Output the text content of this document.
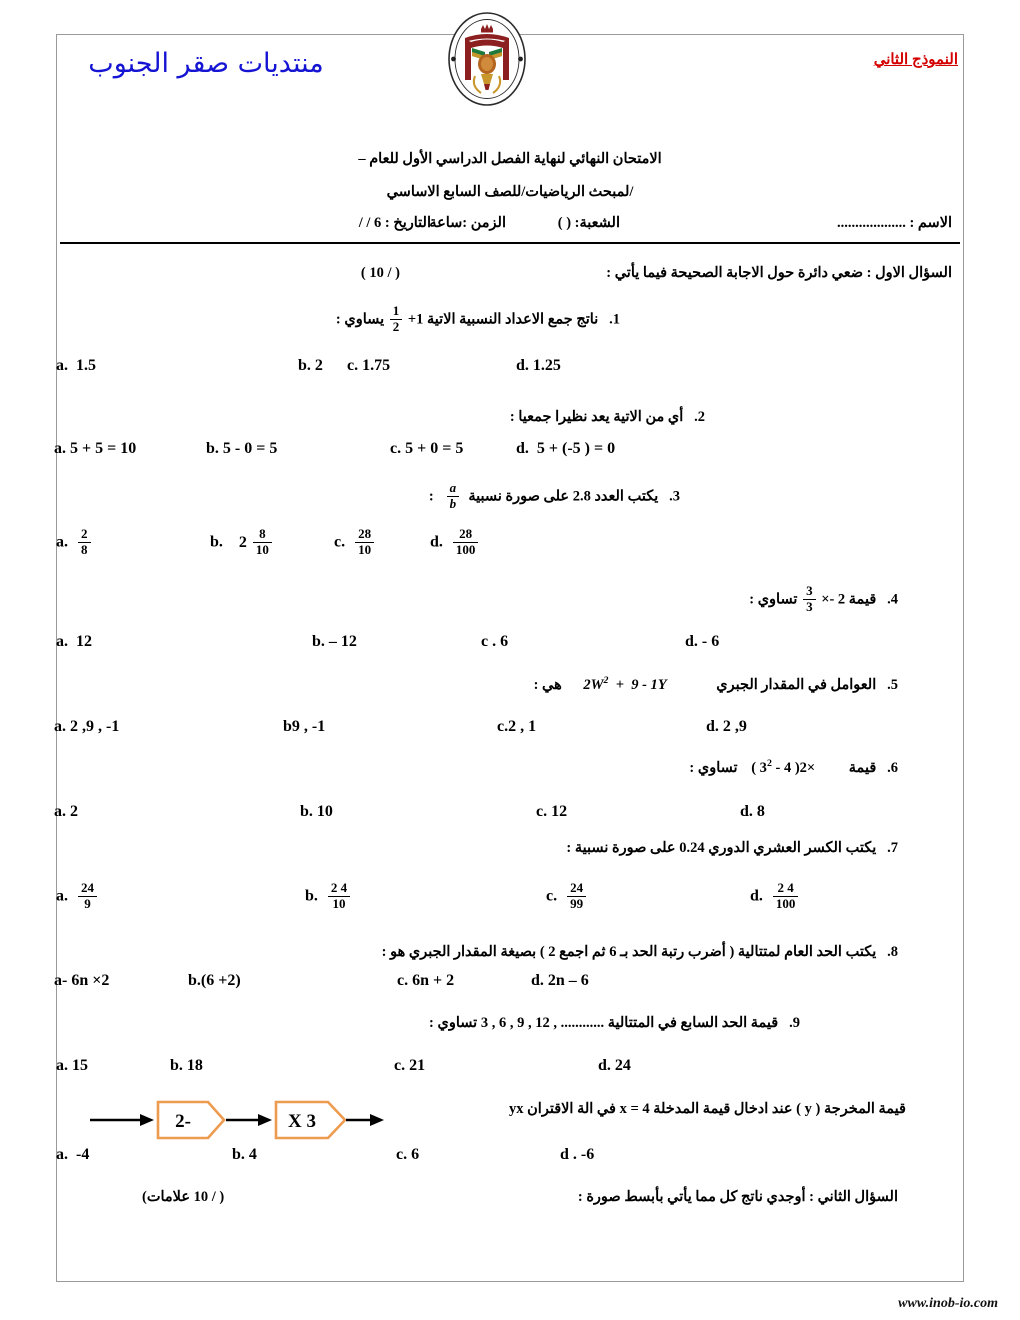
منتديات صقر الجنوب	النموذج الثاني
الامتحان النهائي لنهاية الفصل الدراسي الأول للعام –
/لمبحث الرياضيات/للصف السابع الاساسي
الاسم : ...................
الشعبة: ( )
الزمن :ساعة
التاريخ : 6 / /
السؤال الاول : ضعي دائرة حول الاجابة الصحيحة فيما يأتي :
( / 10 )
1.   ناتج جمع الاعداد النسبية الاتية 1+
$\frac{1}{2}$
يساوي :
a. 1.5	b. 2 c. 1.75	d. 1.25
2.   أي من الاتية يعد نظيرا جمعيا :
a. 5 + 5 = 10	b. 5 - 0 = 5	c. 5 + 0 = 5	d. 5 + (-5 ) = 0
3.   يكتب العدد 2.8 على صورة نسبية
$\frac{a}{b}$
:
a. $\frac{2}{8}$	b. $2 \frac{8}{10}$	c. $\frac{28}{10}$	d. $\frac{28}{100}$
4.   قيمة 2 -×
$\frac{3}{3}$
تساوي :
a. 12	b. – 12	c . 6	d. - 6
5.   العوامل في المقدار الجبري $2W^2 + 9 - 1Y$ هي :
a. 2 ,9 , -1	b9 , -1	c.2 , 1	d. 2 ,9
6.   قيمة ( $3^2 - 4$ )2× تساوي :
a. 2	b. 10	c. 12	d. 8
7.   يكتب الكسر العشري الدوري 0.24 على صورة نسبية :
a. $\frac{24}{9}$	b. $\frac{2 4}{10}$	c. $\frac{24}{99}$	d. $\frac{2 4}{100}$
8.   يكتب الحد العام لمتتالية ( أضرب رتبة الحد بـ 6 ثم اجمع 2 ) بصيغة المقدار الجبري هو :
a- 6n ×2	b.(6 +2)	c. 6n + 2	d. 2n – 6
9.   قيمة الحد السابع في المتتالية ............ , 12 , 9 , 6 , 3 تساوي :
a. 15	b. 18	c. 21	d. 24
قيمة المخرجة ( y ) عند ادخال قيمة المدخلة 4 = x في الة الاقتران yx
-2	X 3
a. -4	b. 4	c. 6	d . -6
السؤال الثاني : أوجدي ناتج كل مما يأتي بأبسط صورة :
( / 10 علامات)
www.inob-io.com
